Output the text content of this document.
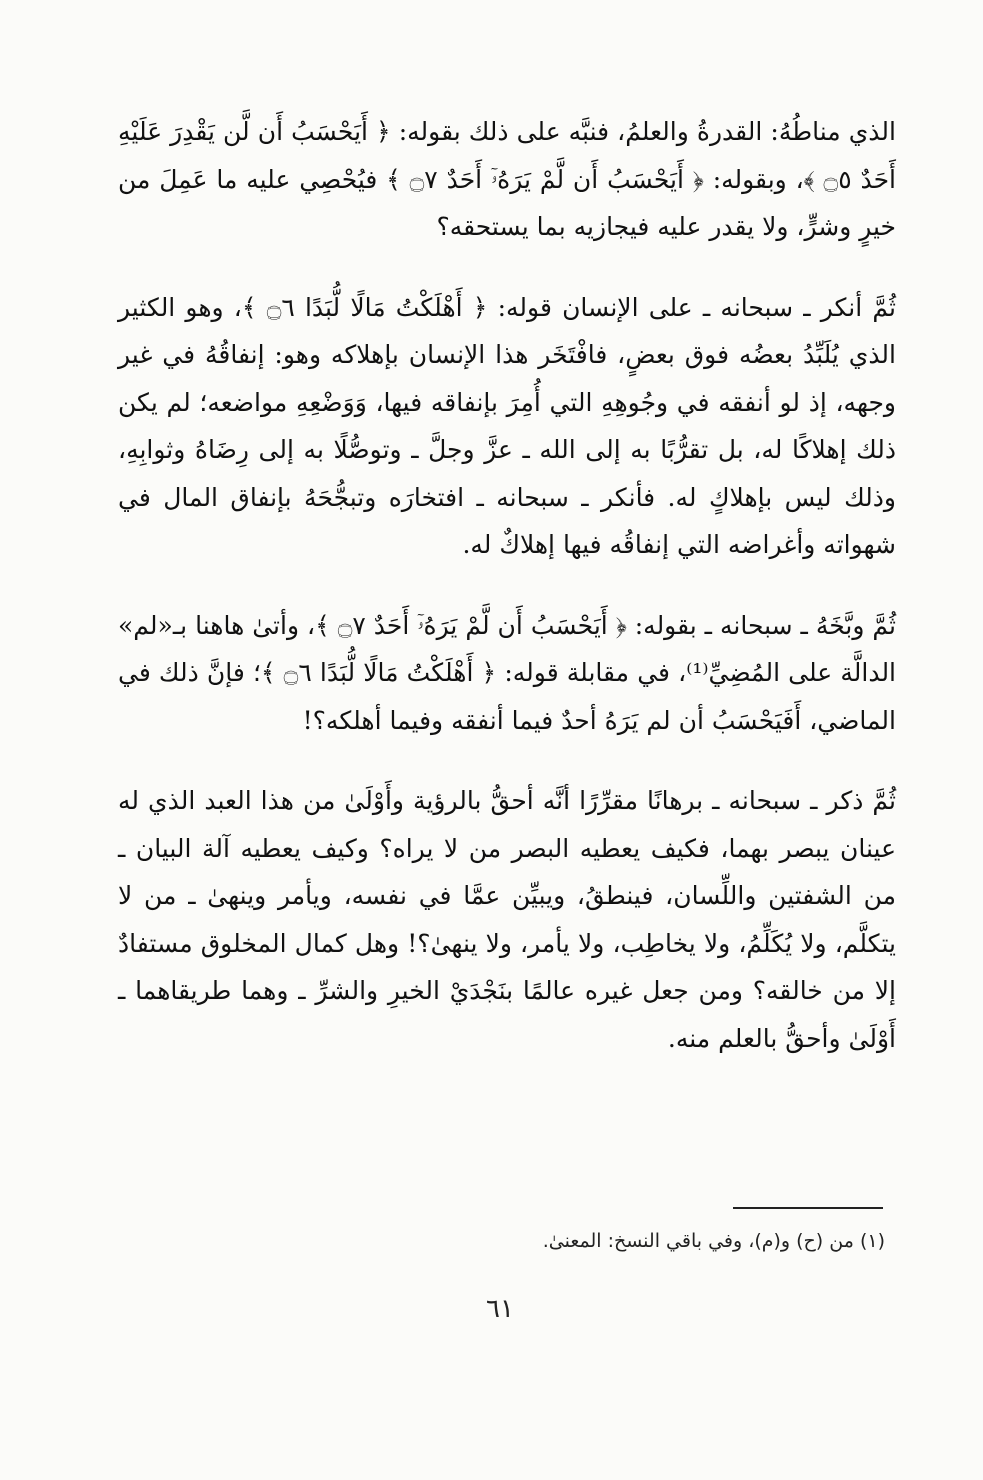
الذي مناطُهُ: القدرةُ والعلمُ، فنبَّه على ذلك بقوله: ﴿ أَيَحْسَبُ أَن لَّن يَقْدِرَ عَلَيْهِ أَحَدٌ ۝٥ ﴾، وبقوله: ﴿ أَيَحْسَبُ أَن لَّمْ يَرَهُۥٓ أَحَدٌ ۝٧ ﴾ فيُحْصِي عليه ما عَمِلَ من خيرٍ وشرٍّ، ولا يقدر عليه فيجازيه بما يستحقه؟

ثُمَّ أنكر ـ سبحانه ـ على الإنسان قوله: ﴿ أَهْلَكْتُ مَالًا لُّبَدًا ۝٦ ﴾، وهو الكثير الذي يُلَبِّدُ بعضُه فوق بعضٍ، فافْتَخَر هذا الإنسان بإهلاكه وهو: إنفاقُهُ في غير وجهه، إذ لو أنفقه في وجُوهِهِ التي أُمِرَ بإنفاقه فيها، وَوَضْعِهِ مواضعه؛ لم يكن ذلك إهلاكًا له، بل تقرُّبًا به إلى الله ـ عزَّ وجلَّ ـ وتوصُّلًا به إلى رِضَاهُ وثوابِهِ، وذلك ليس بإهلاكٍ له. فأنكر ـ سبحانه ـ افتخارَه وتبجُّحَهُ بإنفاق المال في شهواته وأغراضه التي إنفاقُه فيها إهلاكٌ له.

ثُمَّ وبَّخَهُ ـ سبحانه ـ بقوله: ﴿ أَيَحْسَبُ أَن لَّمْ يَرَهُۥٓ أَحَدٌ ۝٧ ﴾، وأتىٰ هاهنا بـ«لم» الدالَّة على المُضِيِّ⁽¹⁾، في مقابلة قوله: ﴿ أَهْلَكْتُ مَالًا لُّبَدًا ۝٦ ﴾؛ فإنَّ ذلك في الماضي، أَفَيَحْسَبُ أن لم يَرَهُ أحدٌ فيما أنفقه وفيما أهلكه؟!

ثُمَّ ذكر ـ سبحانه ـ برهانًا مقرِّرًا أنَّه أحقُّ بالرؤية وأَوْلَىٰ من هذا العبد الذي له عينان يبصر بهما، فكيف يعطيه البصر من لا يراه؟ وكيف يعطيه آلة البيان ـ من الشفتين واللِّسان، فينطقُ، ويبيِّن عمَّا في نفسه، ويأمر وينهىٰ ـ من لا يتكلَّم، ولا يُكَلِّمُ، ولا يخاطِب، ولا يأمر، ولا ينهىٰ؟! وهل كمال المخلوق مستفادٌ إلا من خالقه؟ ومن جعل غيره عالمًا بنَجْدَيْ الخيرِ والشرِّ ـ وهما طريقاهما ـ أَوْلَىٰ وأحقُّ بالعلم منه.

(١) من (ح) و(م)، وفي باقي النسخ: المعنىٰ.
٦١
